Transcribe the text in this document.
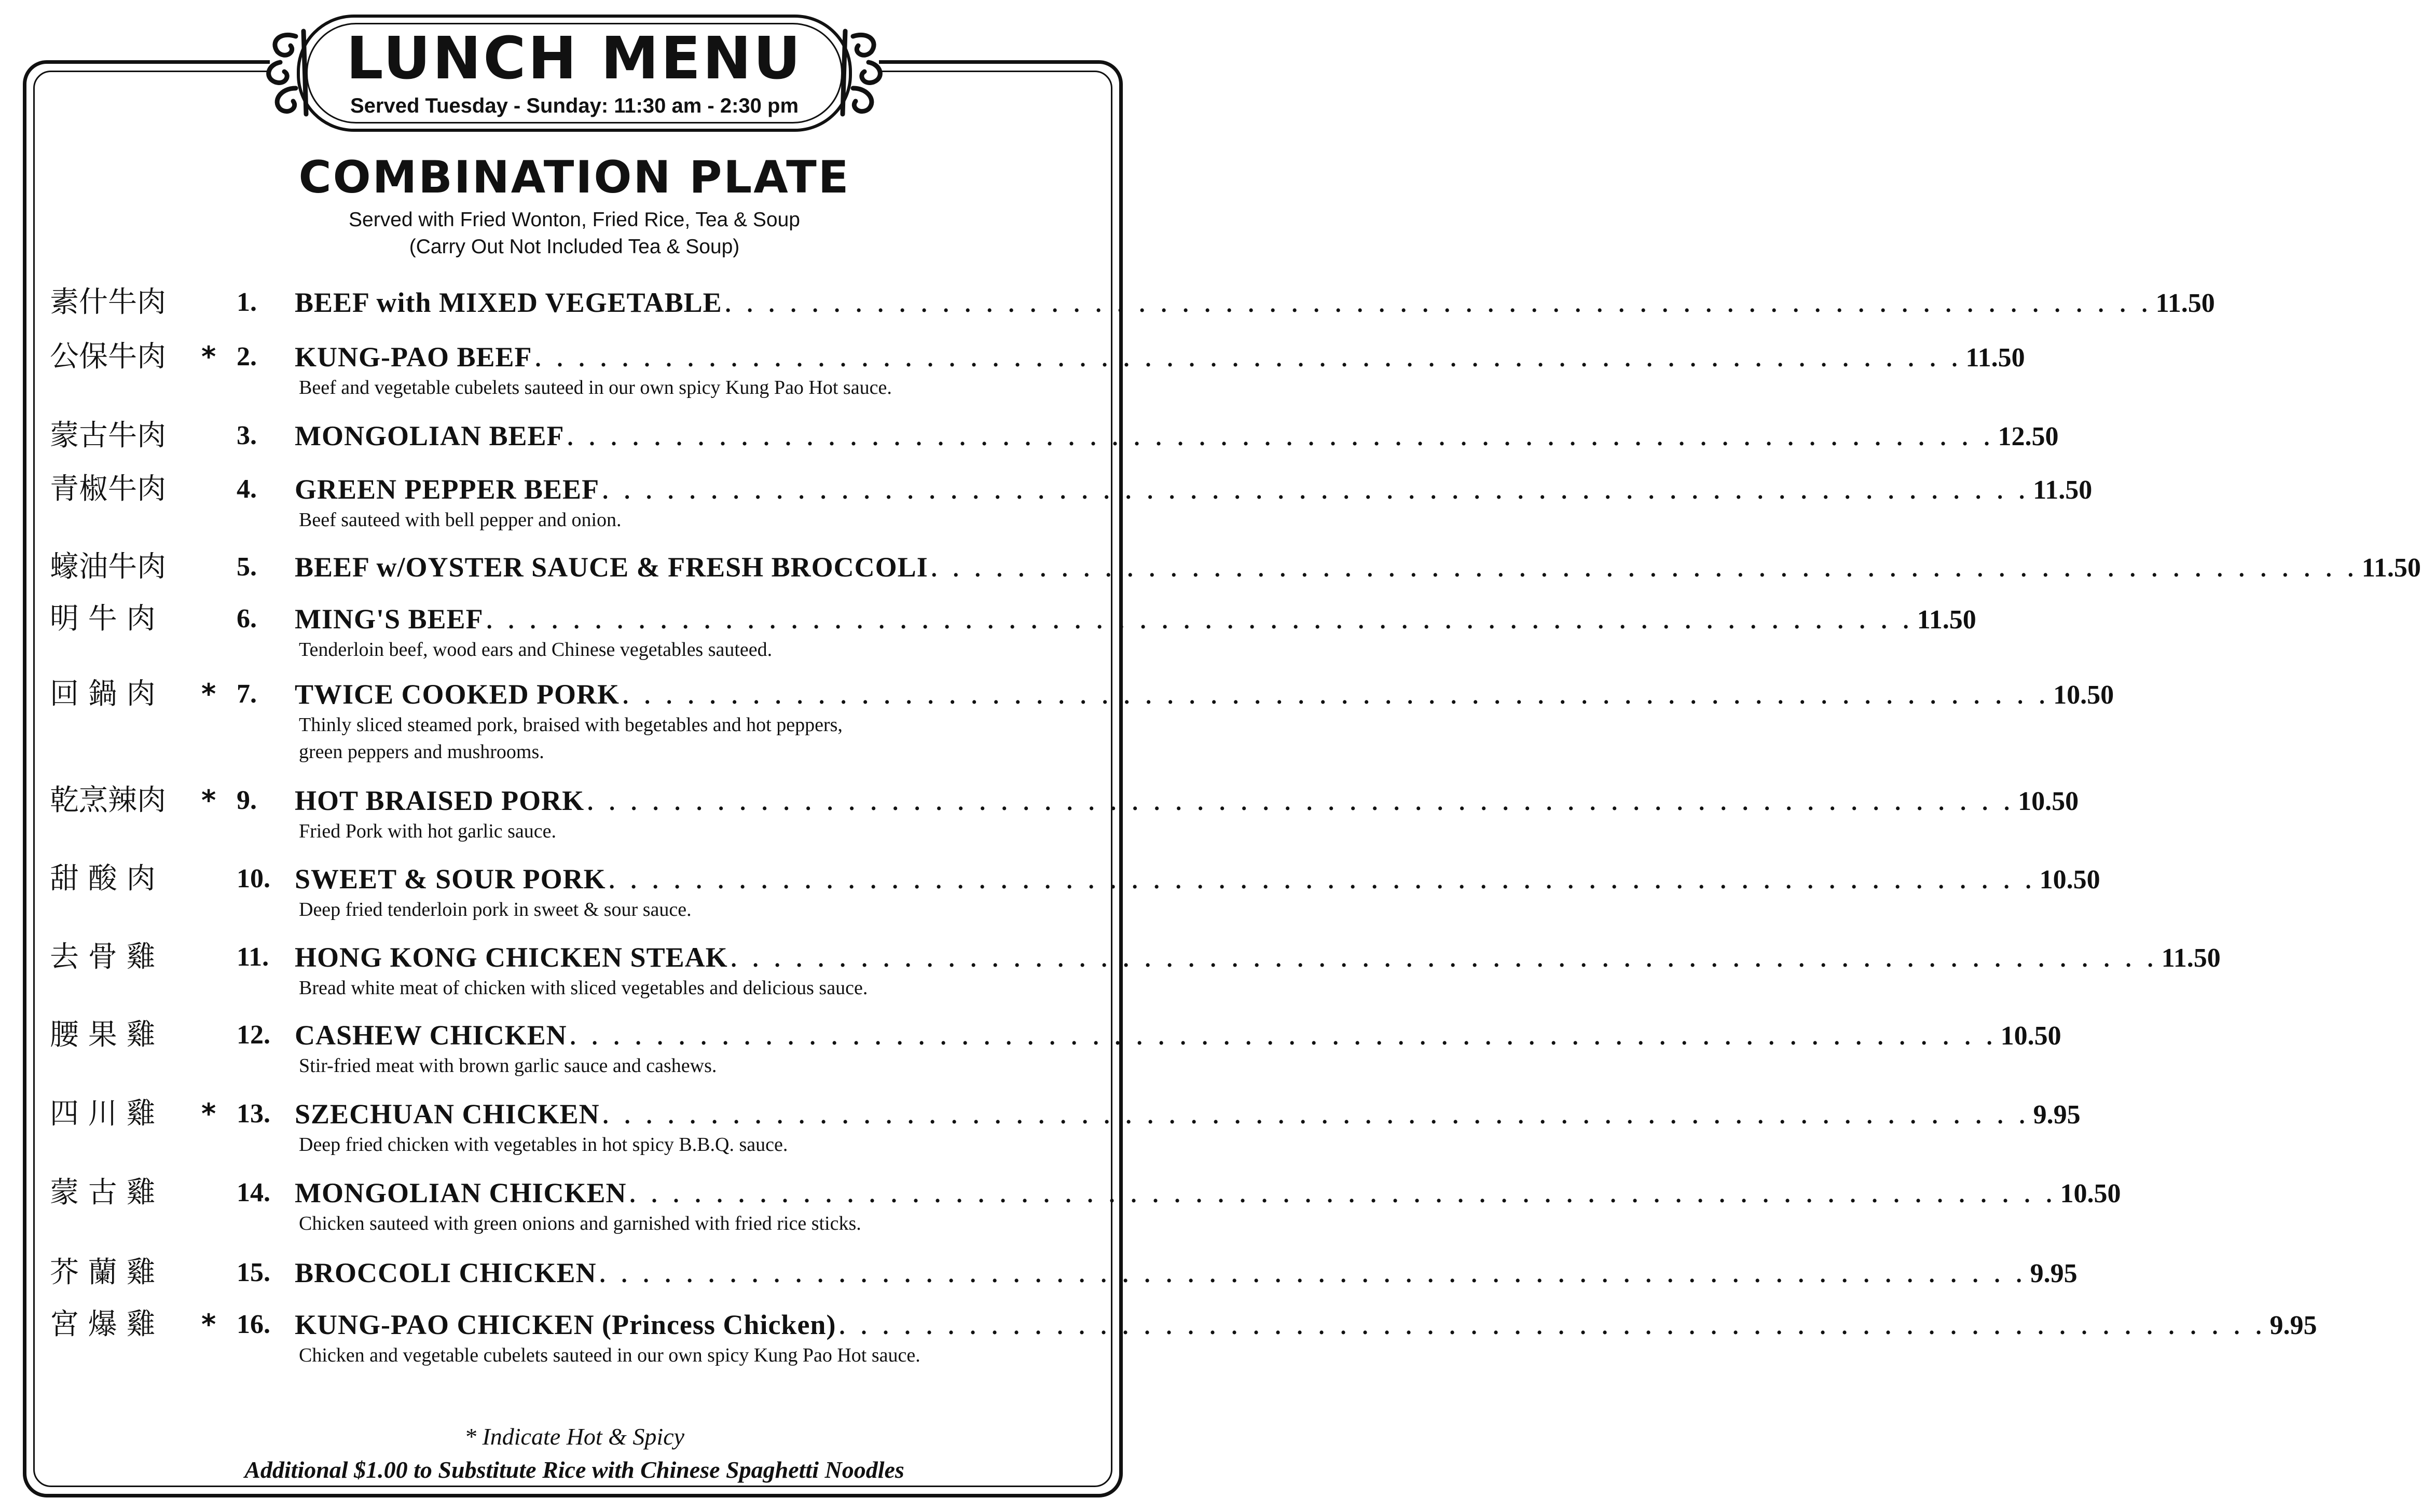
LUNCH MENU
Served Tuesday - Sunday: 11:30 am - 2:30 pm
COMBINATION PLATE
Served with Fried Wonton, Fried Rice, Tea & Soup
(Carry Out Not Included Tea & Soup)
素什牛肉	1. BEEF with MIXED VEGETABLE . . . . . . . . . . . . . . . . . . . . . . . . . . . . . . . . . . . . . . . . . . . . . . . . . . . . . . . . . . . . . . . . . . 11.50
公保牛肉	* 2. KUNG-PAO BEEF . . . . . . . . . . . . . . . . . . . . . . . . . . . . . . . . . . . . . . . . . . . . . . . . . . . . . . . . . . . . . . . . . . 11.50
Beef and vegetable cubelets sauteed in our own spicy Kung Pao Hot sauce.
蒙古牛肉	3. MONGOLIAN BEEF . . . . . . . . . . . . . . . . . . . . . . . . . . . . . . . . . . . . . . . . . . . . . . . . . . . . . . . . . . . . . . . . . . 12.50
青椒牛肉	4. GREEN PEPPER BEEF . . . . . . . . . . . . . . . . . . . . . . . . . . . . . . . . . . . . . . . . . . . . . . . . . . . . . . . . . . . . . . . . . . 11.50
Beef sauteed with bell pepper and onion.
蠔油牛肉	5. BEEF w/OYSTER SAUCE & FRESH BROCCOLI . . . . . . . . . . . . . . . . . . . . . . . . . . . . . . . . . . . . . . . . . . . . . . . . . . . . . . . . . . . . . . . . . . 11.50
明 牛 肉	6. MING'S BEEF . . . . . . . . . . . . . . . . . . . . . . . . . . . . . . . . . . . . . . . . . . . . . . . . . . . . . . . . . . . . . . . . . . 11.50
Tenderloin beef, wood ears and Chinese vegetables sauteed.
回 鍋 肉	* 7. TWICE COOKED PORK . . . . . . . . . . . . . . . . . . . . . . . . . . . . . . . . . . . . . . . . . . . . . . . . . . . . . . . . . . . . . . . . . . 10.50
Thinly sliced steamed pork, braised with begetables and hot peppers,
green peppers and mushrooms.
乾烹辣肉	* 9. HOT BRAISED PORK . . . . . . . . . . . . . . . . . . . . . . . . . . . . . . . . . . . . . . . . . . . . . . . . . . . . . . . . . . . . . . . . . . 10.50
Fried Pork with hot garlic sauce.
甜 酸 肉	10. SWEET & SOUR PORK . . . . . . . . . . . . . . . . . . . . . . . . . . . . . . . . . . . . . . . . . . . . . . . . . . . . . . . . . . . . . . . . . . 10.50
Deep fried tenderloin pork in sweet & sour sauce.
去 骨 雞	11. HONG KONG CHICKEN STEAK . . . . . . . . . . . . . . . . . . . . . . . . . . . . . . . . . . . . . . . . . . . . . . . . . . . . . . . . . . . . . . . . . . 11.50
Bread white meat of chicken with sliced vegetables and delicious sauce.
腰 果 雞	12. CASHEW CHICKEN . . . . . . . . . . . . . . . . . . . . . . . . . . . . . . . . . . . . . . . . . . . . . . . . . . . . . . . . . . . . . . . . . . 10.50
Stir-fried meat with brown garlic sauce and cashews.
四 川 雞	* 13. SZECHUAN CHICKEN . . . . . . . . . . . . . . . . . . . . . . . . . . . . . . . . . . . . . . . . . . . . . . . . . . . . . . . . . . . . . . . . . . 9.95
Deep fried chicken with vegetables in hot spicy B.B.Q. sauce.
蒙 古 雞	14. MONGOLIAN CHICKEN . . . . . . . . . . . . . . . . . . . . . . . . . . . . . . . . . . . . . . . . . . . . . . . . . . . . . . . . . . . . . . . . . . 10.50
Chicken sauteed with green onions and garnished with fried rice sticks.
芥 蘭 雞	15. BROCCOLI CHICKEN . . . . . . . . . . . . . . . . . . . . . . . . . . . . . . . . . . . . . . . . . . . . . . . . . . . . . . . . . . . . . . . . . . 9.95
宮 爆 雞	* 16. KUNG-PAO CHICKEN (Princess Chicken) . . . . . . . . . . . . . . . . . . . . . . . . . . . . . . . . . . . . . . . . . . . . . . . . . . . . . . . . . . . . . . . . . . 9.95
Chicken and vegetable cubelets sauteed in our own spicy Kung Pao Hot sauce.
* Indicate Hot & Spicy
Additional $1.00 to Substitute Rice with Chinese Spaghetti Noodles
